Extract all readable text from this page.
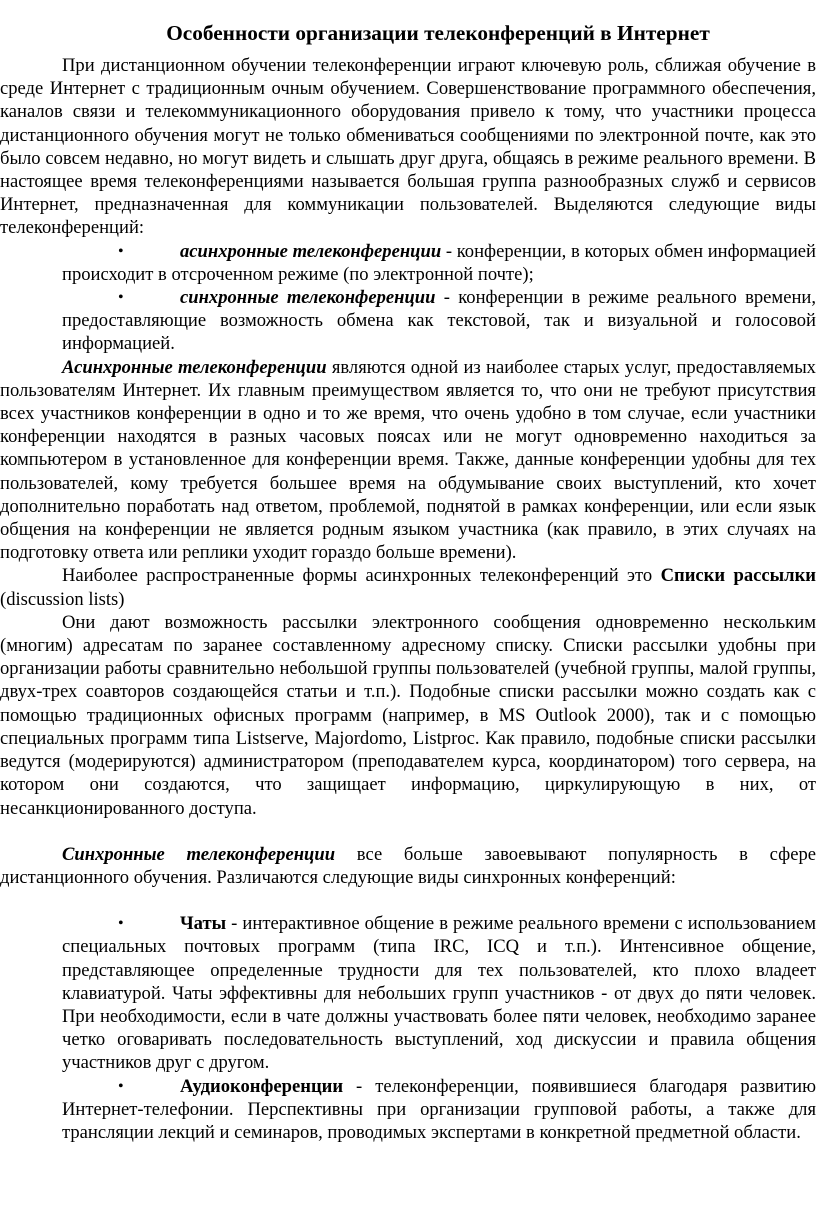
Особенности организации телеконференций в Интернет

При дистанционном обучении телеконференции играют ключевую роль, сближая обучение в среде Интернет с традиционным очным обучением. Совершенствование программного обеспечения, каналов связи и телекоммуникационного оборудования привело к тому, что участники процесса дистанционного обучения могут не только обмениваться сообщениями по электронной почте, как это было совсем недавно, но могут видеть и слышать друг друга, общаясь в режиме реального времени. В настоящее время телеконференциями называется большая группа разнообразных служб и сервисов Интернет, предназначенная для коммуникации пользователей. Выделяются следующие виды телеконференций:

•	асинхронные телеконференции - конференции, в которых обмен информацией происходит в отсроченном режиме (по электронной почте);

•	синхронные телеконференции - конференции в режиме реального времени, предоставляющие возможность обмена как текстовой, так и визуальной и голосовой информацией.

Асинхронные телеконференции являются одной из наиболее старых услуг, предоставляемых пользователям Интернет. Их главным преимуществом является то, что они не требуют присутствия всех участников конференции в одно и то же время, что очень удобно в том случае, если участники конференции находятся в разных часовых поясах или не могут одновременно находиться за компьютером в установленное для конференции время. Также, данные конференции удобны для тех пользователей, кому требуется большее время на обдумывание своих выступлений, кто хочет дополнительно поработать над ответом, проблемой, поднятой в рамках конференции, или если язык общения на конференции не является родным языком участника (как правило, в этих случаях на подготовку ответа или реплики уходит гораздо больше времени).

Наиболее распространенные формы асинхронных телеконференций это Списки рассылки (discussion lists)

Они дают возможность рассылки электронного сообщения одновременно нескольким (многим) адресатам по заранее составленному адресному списку. Списки рассылки удобны при организации работы сравнительно небольшой группы пользователей (учебной группы, малой группы, двух-трех соавторов создающейся статьи и т.п.). Подобные списки рассылки можно создать как с помощью традиционных офисных программ (например, в MS Outlook 2000), так и с помощью специальных программ типа Listserve, Majordomo, Listproc. Как правило, подобные списки рассылки ведутся (модерируются) администратором (преподавателем курса, координатором) того сервера, на котором они создаются, что защищает информацию, циркулирующую в них, от несанкционированного доступа.

Синхронные телеконференции все больше завоевывают популярность в сфере дистанционного обучения. Различаются следующие виды синхронных конференций:

•	Чаты - интерактивное общение в режиме реального времени с использованием специальных почтовых программ (типа IRC, ICQ и т.п.). Интенсивное общение, представляющее определенные трудности для тех пользователей, кто плохо владеет клавиатурой. Чаты эффективны для небольших групп участников - от двух до пяти человек. При необходимости, если в чате должны участвовать более пяти человек, необходимо заранее четко оговаривать последовательность выступлений, ход дискуссии и правила общения участников друг с другом.

•	Аудиоконференции - телеконференции, появившиеся благодаря развитию Интернет-телефонии. Перспективны при организации групповой работы, а также для трансляции лекций и семинаров, проводимых экспертами в конкретной предметной области.
